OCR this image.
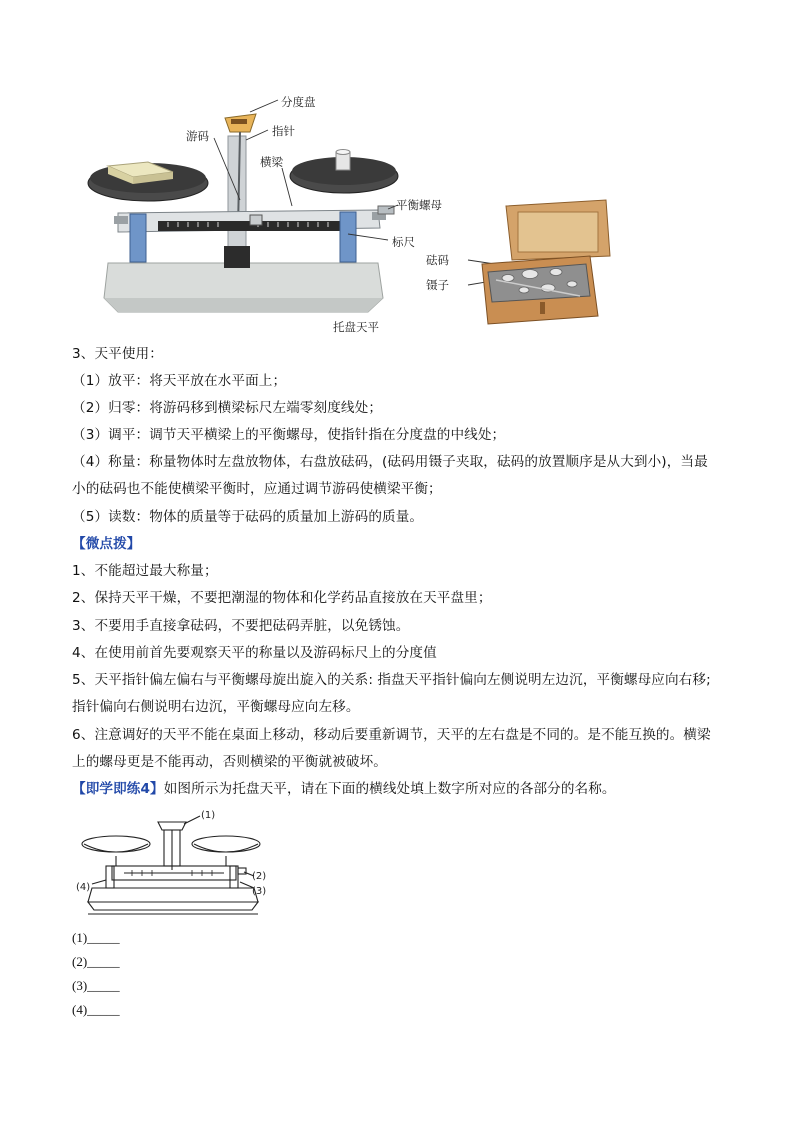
分度盘
指针
游码
横梁
平衡螺母
标尺
砝码
镊子
托盘天平
3、天平使用：
（1）放平：将天平放在水平面上；
（2）归零：将游码移到横梁标尺左端零刻度线处；
（3）调平：调节天平横梁上的平衡螺母，使指针指在分度盘的中线处；
（4）称量：称量物体时左盘放物体，右盘放砝码，(砝码用镊子夹取，砝码的放置顺序是从大到小)，当最
小的砝码也不能使横梁平衡时，应通过调节游码使横梁平衡；
（5）读数：物体的质量等于砝码的质量加上游码的质量。
【微点拨】
1、不能超过最大称量；
2、保持天平干燥，不要把潮湿的物体和化学药品直接放在天平盘里；
3、不要用手直接拿砝码，不要把砝码弄脏，以免锈蚀。
4、在使用前首先要观察天平的称量以及游码标尺上的分度值
5、天平指针偏左偏右与平衡螺母旋出旋入的关系: 指盘天平指针偏向左侧说明左边沉，平衡螺母应向右移;
指针偏向右侧说明右边沉，平衡螺母应向左移。
6、注意调好的天平不能在桌面上移动，移动后要重新调节，天平的左右盘是不同的。是不能互换的。横梁
上的螺母更是不能再动，否则横梁的平衡就被破坏。
【即学即练4】如图所示为托盘天平，请在下面的横线处填上数字所对应的各部分的名称。
(1)
(2)
(3)
(4)
(1)_____
(2)_____
(3)_____
(4)_____
